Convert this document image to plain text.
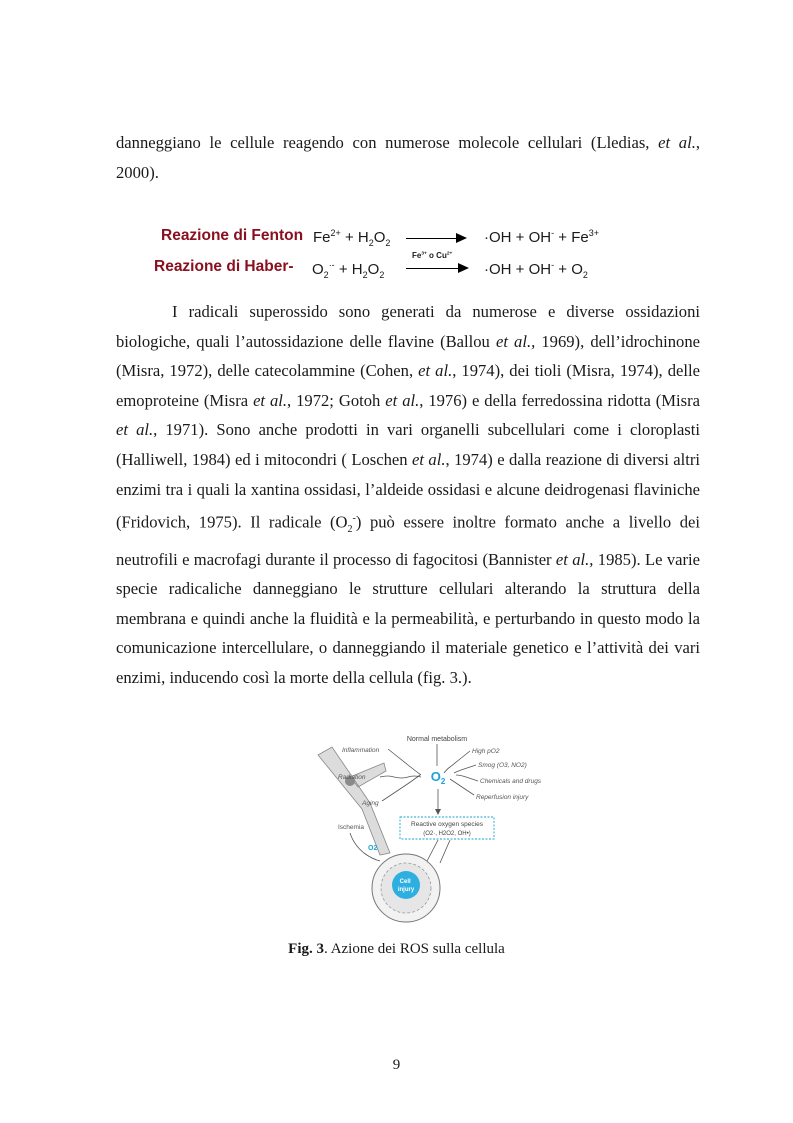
danneggiano le cellule reagendo con numerose molecole cellulari (Lledias, et al., 2000).

Reazione di Fenton $Fe^{2+} + H_2O_2$	$\cdot OH + OH^- + Fe^{3+}$
Reazione di Haber- $O_2^{\cdot-} + H_2O_2$
$Fe^{3+}$ o $Cu^{2+}$
$\cdot OH + OH^- + O_2$

I radicali superossido sono generati da numerose e diverse ossidazioni biologiche, quali l’autossidazione delle flavine (Ballou et al., 1969), dell’idrochinone (Misra, 1972), delle catecolammine (Cohen, et al., 1974), dei tioli (Misra, 1974), delle emoproteine (Misra et al., 1972; Gotoh et al., 1976) e della ferredossina ridotta (Misra et al., 1971). Sono anche prodotti in vari organelli subcellulari come i cloroplasti (Halliwell, 1984) ed i mitocondri ( Loschen et al., 1974) e dalla reazione di diversi altri enzimi tra i quali la xantina ossidasi, l’aldeide ossidasi e alcune deidrogenasi flaviniche (Fridovich, 1975). Il radicale $(O_2^-)$ può essere inoltre formato anche a livello dei neutrofili e macrofagi durante il processo di fagocitosi (Bannister et al., 1985). Le varie specie radicaliche danneggiano le strutture cellulari alterando la struttura della membrana e quindi anche la fluidità e la permeabilità, e perturbando in questo modo la comunicazione intercellulare, o danneggiando il materiale genetico e l’attività dei vari enzimi, inducendo così la morte della cellula (fig. 3.).

Normal metabolism
Inflammation
Radiation
Aging
High pO2
Smog (O3, NO2)
Chemicals and drugs
Reperfusion injury
$O_2$
Reactive oxygen species
(O2·, H2O2, OH•)
Ischemia
O2
Cell injury
Fig. 3. Azione dei ROS sulla cellula
9
